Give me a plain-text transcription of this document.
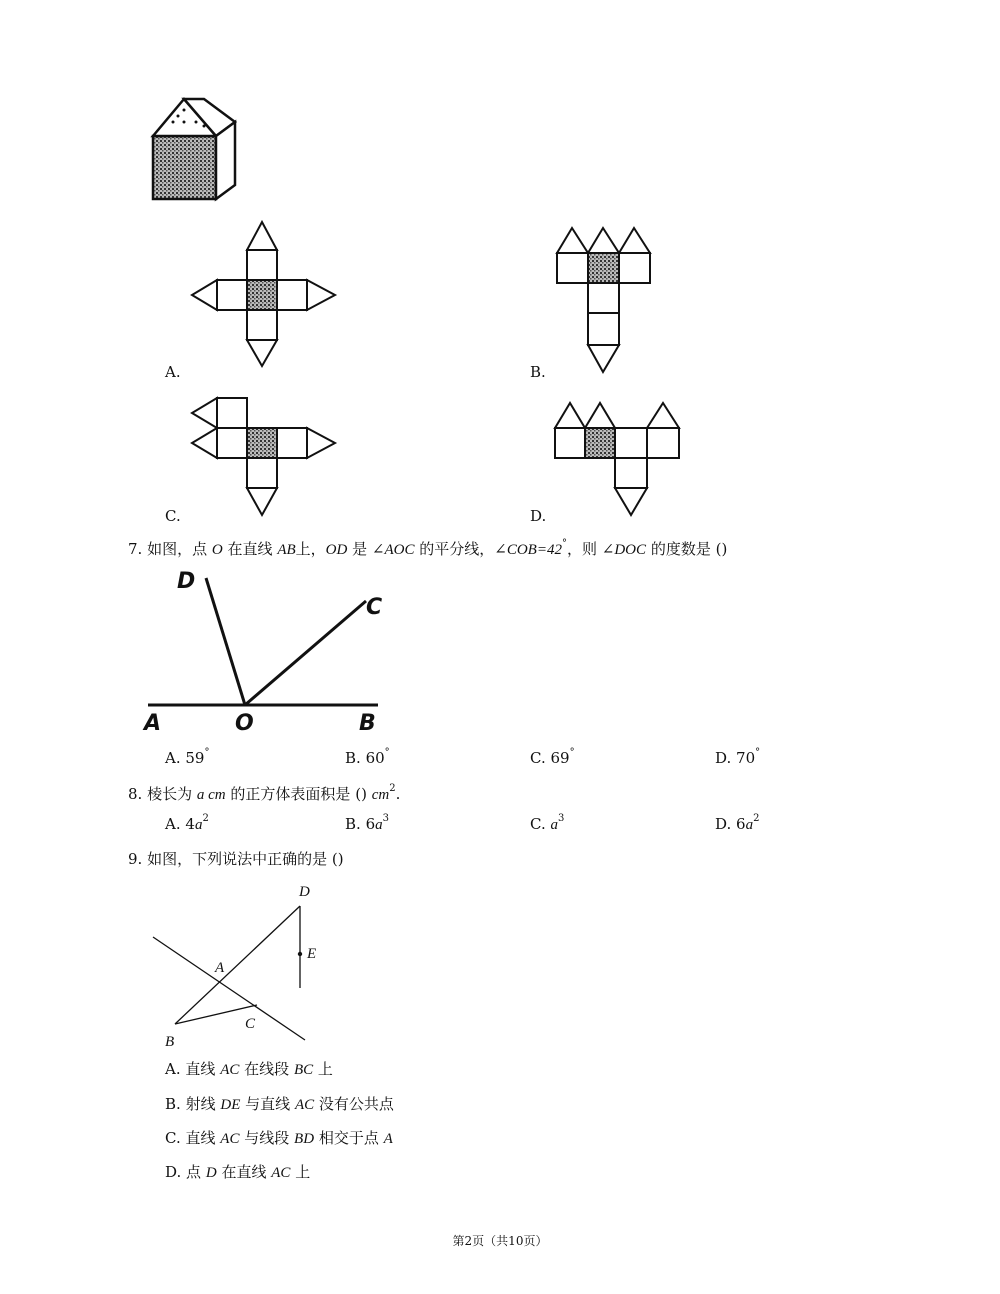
A.	B.
C.	D.
7. 如图，点 O 在直线 AB上，OD 是 ∠AOC 的平分线，∠COB=42°，则 ∠DOC 的度数是 ()
D
C
A	O	B
A. 59°	B. 60°	C. 69°	D. 70°
8. 棱长为 a cm 的正方体表面积是 () $cm^2$.
A. $4a^2$	B. $6a^3$	C. $a^3$	D. $6a^2$
9. 如图，下列说法中正确的是 ()
D
E
A
B
C
A. 直线 AC 在线段 BC 上
B. 射线 DE 与直线 AC 没有公共点
C. 直线 AC 与线段 BD 相交于点 A
D. 点 D 在直线 AC 上
第2页（共10页）
